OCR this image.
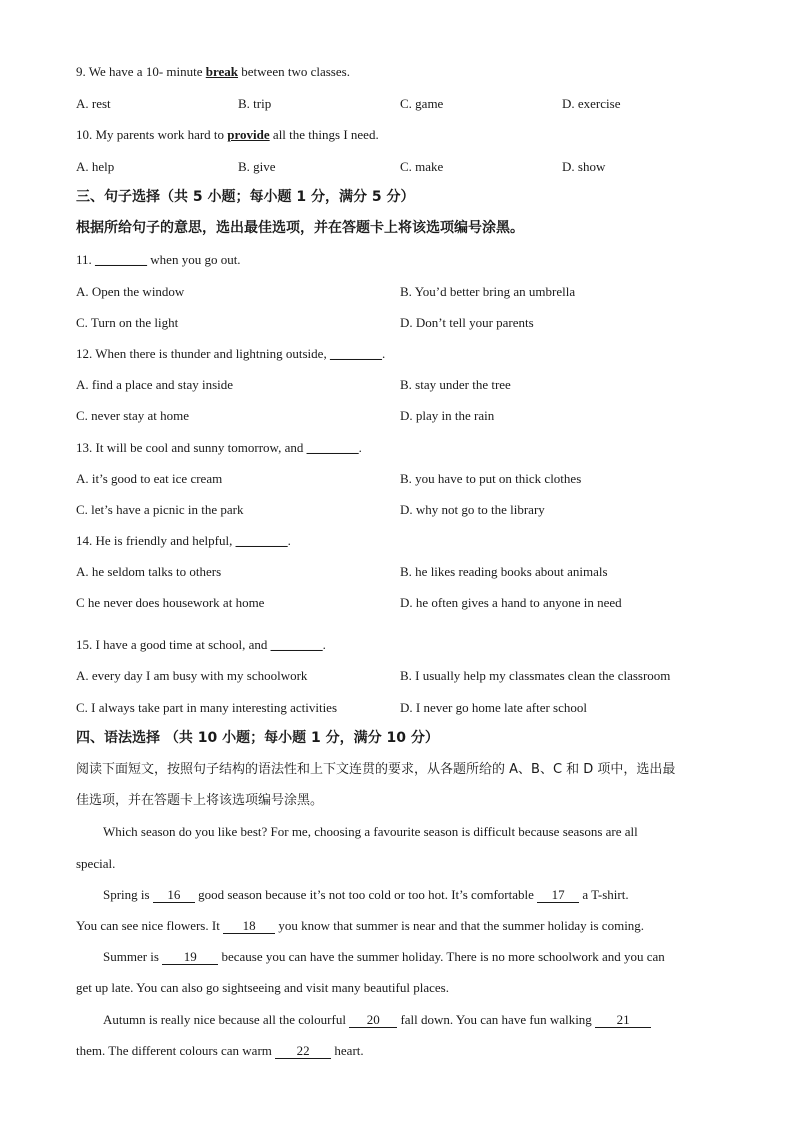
9. We have a 10- minute break between two classes.
A. rest	B. trip	C. game	D. exercise
10. My parents work hard to provide all the things I need.
A. help	B. give	C. make	D. show
三、句子选择（共 5 小题；每小题 1 分，满分 5 分）
根据所给句子的意思，选出最佳选项，并在答题卡上将该选项编号涂黑。
11. ________ when you go out.
A. Open the window	B. You’d better bring an umbrella
C. Turn on the light	D. Don’t tell your parents
12. When there is thunder and lightning outside, ________.
A. find a place and stay inside	B. stay under the tree
C. never stay at home	D. play in the rain
13. It will be cool and sunny tomorrow, and ________.
A. it’s good to eat ice cream	B. you have to put on thick clothes
C. let’s have a picnic in the park	D. why not go to the library
14. He is friendly and helpful, ________.
A. he seldom talks to others	B. he likes reading books about animals
C he never does housework at home	D. he often gives a hand to anyone in need
15. I have a good time at school, and ________.
A. every day I am busy with my schoolwork	B. I usually help my classmates clean the classroom
C. I always take part in many interesting activities	D. I never go home late after school
四、语法选择 （共 10 小题；每小题 1 分，满分 10 分）
阅读下面短文，按照句子结构的语法性和上下文连贯的要求，从各题所给的 A、B、C 和 D 项中，选出最
佳选项，并在答题卡上将该选项编号涂黑。
Which season do you like best? For me, choosing a favourite season is difficult because seasons are all
special.
Spring is 16 good season because it’s not too cold or too hot. It’s comfortable 17 a T-shirt.
You can see nice flowers. It 18 you know that summer is near and that the summer holiday is coming.
Summer is 19 because you can have the summer holiday. There is no more schoolwork and you can
get up late. You can also go sightseeing and visit many beautiful places.
Autumn is really nice because all the colourful 20 fall down. You can have fun walking 21
them. The different colours can warm 22 heart.
